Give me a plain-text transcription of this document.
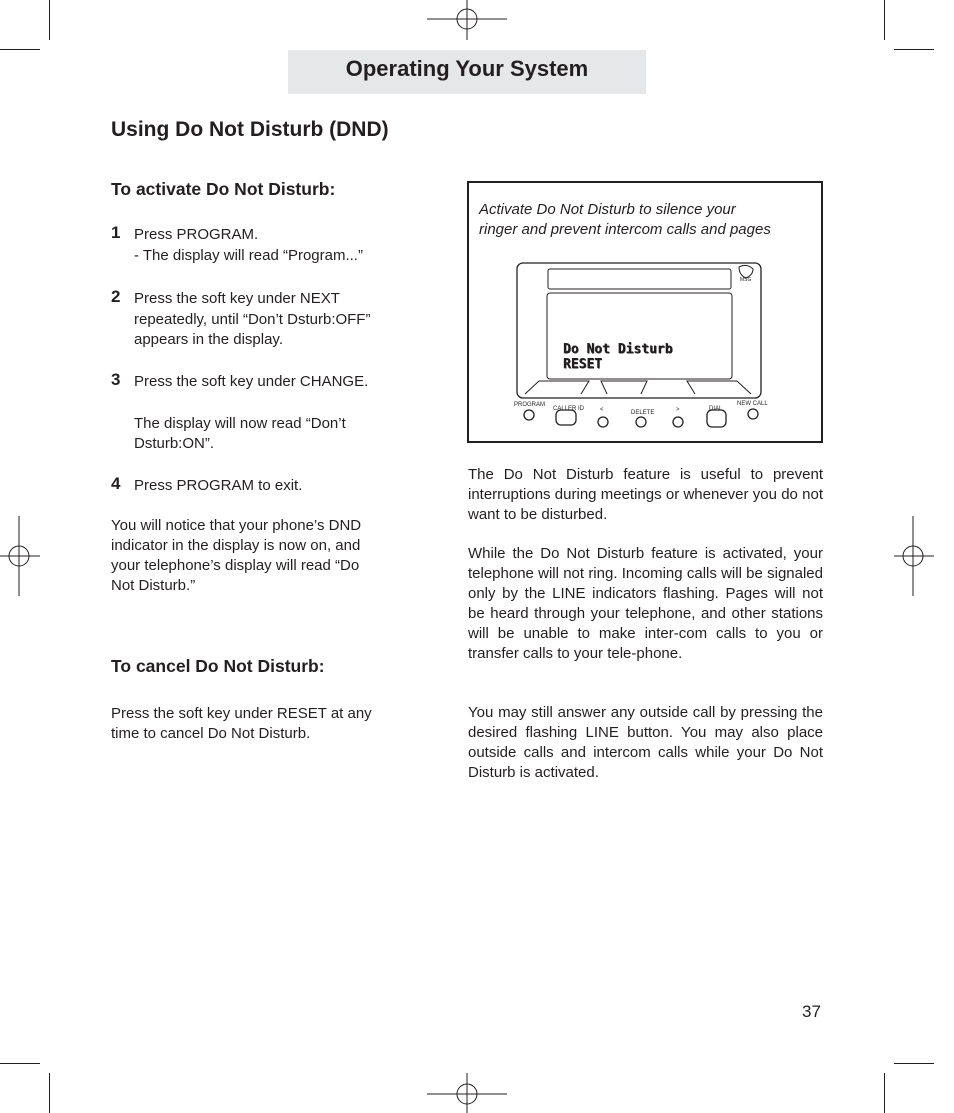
Operating Your System
Using Do Not Disturb (DND)
To activate Do Not Disturb:
1 Press PROGRAM.
- The display will read “Program...”
2 Press the soft key under NEXT
repeatedly, until “Don’t Dsturb:OFF”
appears in the display.
3 Press the soft key under CHANGE.
The display will now read “Don’t
Dsturb:ON”.
4 Press PROGRAM to exit.
You will notice that your phone’s DND
indicator in the display is now on, and
your telephone’s display will read “Do
Not Disturb.”
To cancel Do Not Disturb:
Press the soft key under RESET at any
time to cancel Do Not Disturb.
Activate Do Not Disturb to silence your
ringer and prevent intercom calls and pages
Do Not Disturb
RESET
MSG
PROGRAM
CALLER ID	<	DELETE	>	DIAL
NEW CALL
The Do Not Disturb feature is useful to prevent interruptions during meetings or whenever you do not want to be disturbed.
While the Do Not Disturb feature is activated, your telephone will not ring. Incoming calls will be signaled only by the LINE indicators flashing. Pages will not be heard through your telephone, and other stations will be unable to make inter-com calls to you or transfer calls to your tele-phone.
You may still answer any outside call by pressing the desired flashing LINE button. You may also place outside calls and intercom calls while your Do Not Disturb is activated.
37
